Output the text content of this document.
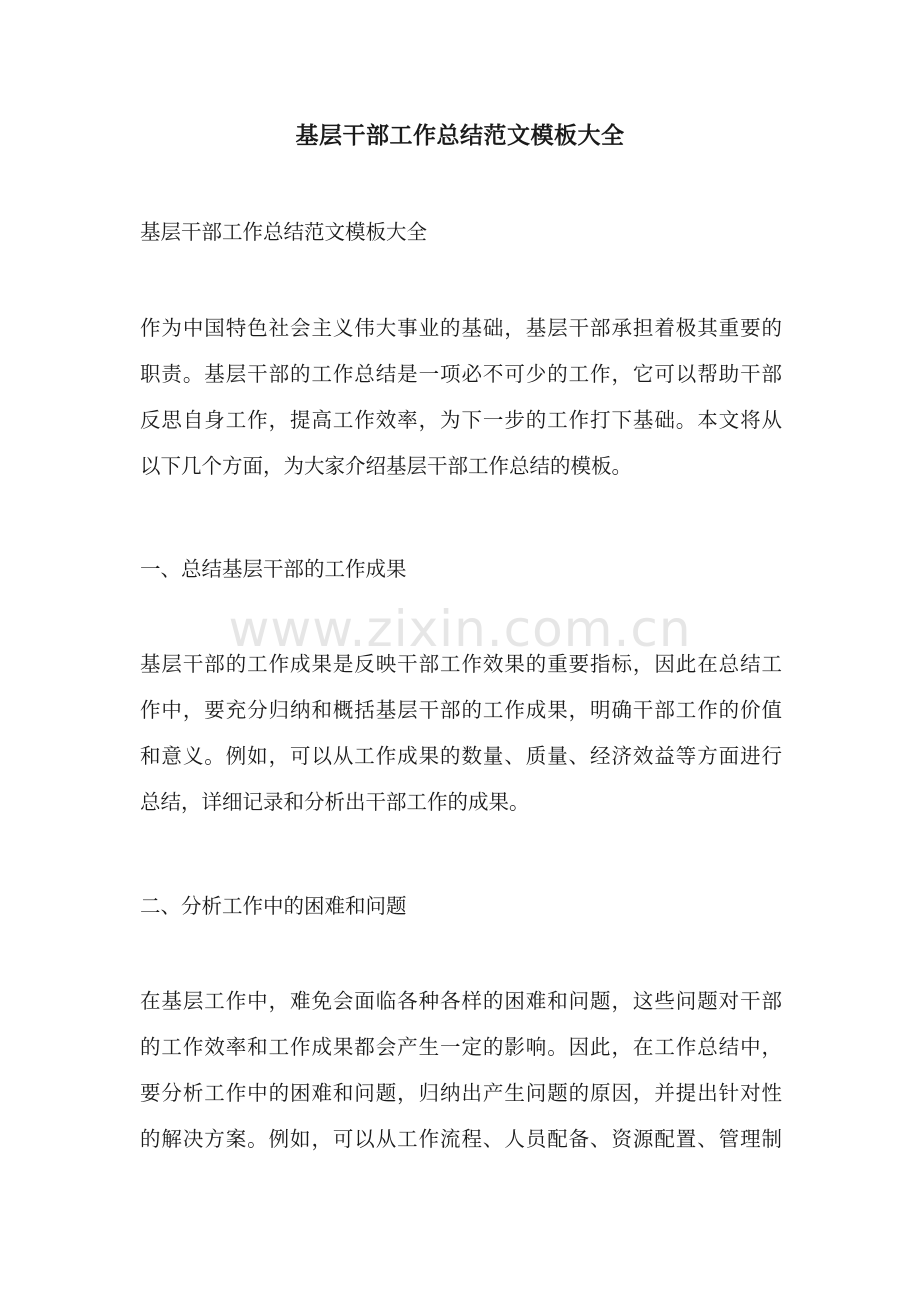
基层干部工作总结范文模板大全

基层干部工作总结范文模板大全

作为中国特色社会主义伟大事业的基础，基层干部承担着极其重要的

职责。基层干部的工作总结是一项必不可少的工作，它可以帮助干部

反思自身工作，提高工作效率，为下一步的工作打下基础。本文将从

以下几个方面，为大家介绍基层干部工作总结的模板。

一、总结基层干部的工作成果

基层干部的工作成果是反映干部工作效果的重要指标，因此在总结工

作中，要充分归纳和概括基层干部的工作成果，明确干部工作的价值

和意义。例如，可以从工作成果的数量、质量、经济效益等方面进行

总结，详细记录和分析出干部工作的成果。

二、分析工作中的困难和问题

在基层工作中，难免会面临各种各样的困难和问题，这些问题对干部

的工作效率和工作成果都会产生一定的影响。因此，在工作总结中，

要分析工作中的困难和问题，归纳出产生问题的原因，并提出针对性

的解决方案。例如，可以从工作流程、人员配备、资源配置、管理制

www.zixin.com.cn
